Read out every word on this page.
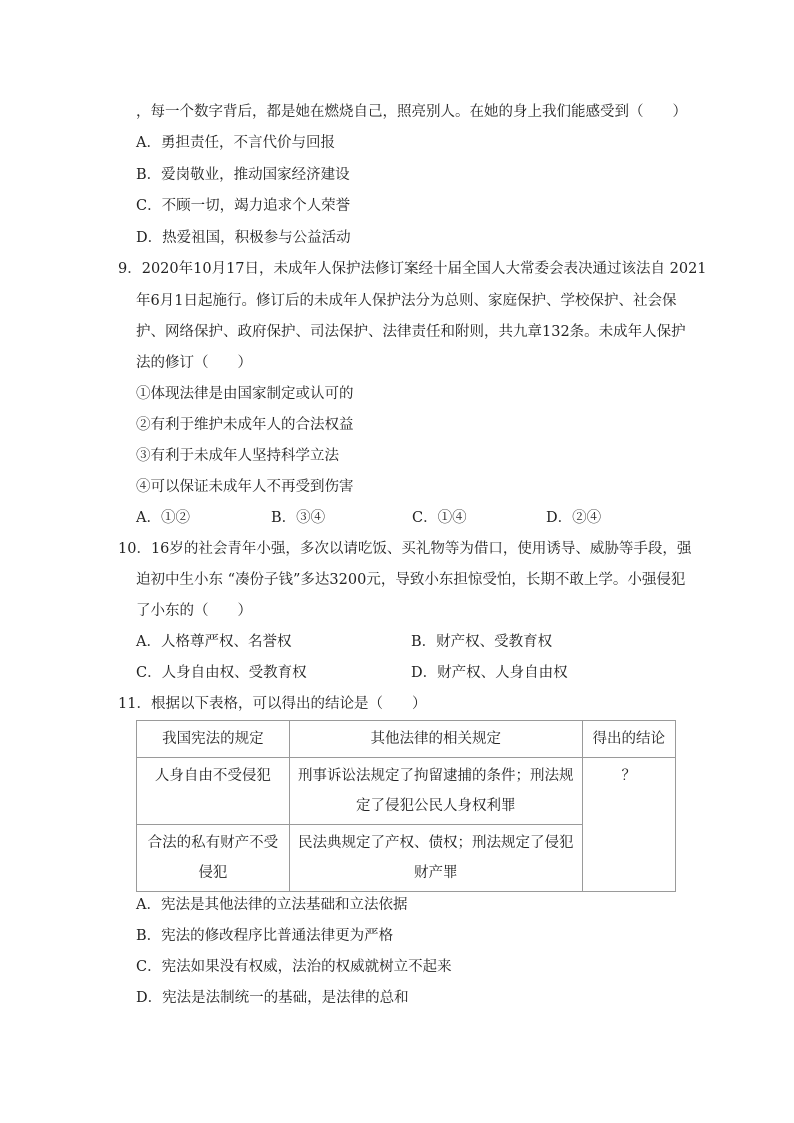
，每一个数字背后，都是她在燃烧自己，照亮别人。在她的身上我们能感受到（　　）
A．勇担责任，不言代价与回报
B．爱岗敬业，推动国家经济建设
C．不顾一切，竭力追求个人荣誉
D．热爱祖国，积极参与公益活动
9．2020年10月17日，未成年人保护法修订案经十届全国人大常委会表决通过该法自 2021
年6月1日起施行。修订后的未成年人保护法分为总则、家庭保护、学校保护、社会保
护、网络保护、政府保护、司法保护、法律责任和附则，共九章132条。未成年人保护
法的修订（　　）
①体现法律是由国家制定或认可的
②有利于维护未成年人的合法权益
③有利于未成年人坚持科学立法
④可以保证未成年人不再受到伤害
A．①②	B．③④	C．①④	D．②④
10．16岁的社会青年小强，多次以请吃饭、买礼物等为借口，使用诱导、威胁等手段，强
迫初中生小东 “凑份子钱”多达3200元，导致小东担惊受怕，长期不敢上学。小强侵犯
了小东的（　　）
A．人格尊严权、名誉权	B．财产权、受教育权
C．人身自由权、受教育权	D．财产权、人身自由权
11．根据以下表格，可以得出的结论是（　　）
我国宪法的规定	其他法律的相关规定	得出的结论
人身自由不受侵犯	刑事诉讼法规定了拘留逮捕的条件；刑法规定了侵犯公民人身权利罪	？
合法的私有财产不受侵犯	民法典规定了产权、债权；刑法规定了侵犯财产罪	
A．宪法是其他法律的立法基础和立法依据
B．宪法的修改程序比普通法律更为严格
C．宪法如果没有权威，法治的权威就树立不起来
D．宪法是法制统一的基础，是法律的总和
